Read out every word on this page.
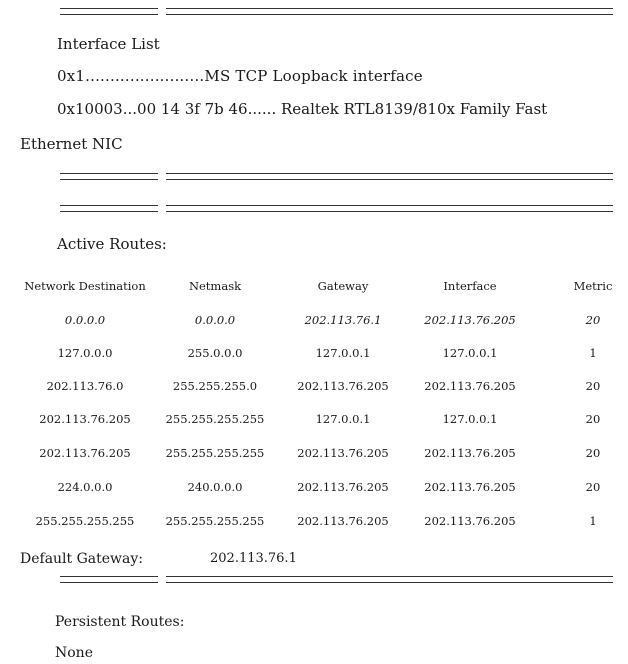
Interface List
0x1........................MS TCP Loopback interface
0x10003...00 14 3f 7b 46...... Realtek RTL8139/810x Family Fast
Ethernet NIC
Active Routes:
Network Destination	Netmask	Gateway	Interface	Metric
0.0.0.0	0.0.0.0	202.113.76.1	202.113.76.205	20
127.0.0.0	255.0.0.0	127.0.0.1	127.0.0.1	1
202.113.76.0	255.255.255.0	202.113.76.205	202.113.76.205	20
202.113.76.205	255.255.255.255	127.0.0.1	127.0.0.1	20
202.113.76.205	255.255.255.255	202.113.76.205	202.113.76.205	20
224.0.0.0	240.0.0.0	202.113.76.205	202.113.76.205	20
255.255.255.255	255.255.255.255	202.113.76.205	202.113.76.205	1
Default Gateway:	202.113.76.1
Persistent Routes:
None
